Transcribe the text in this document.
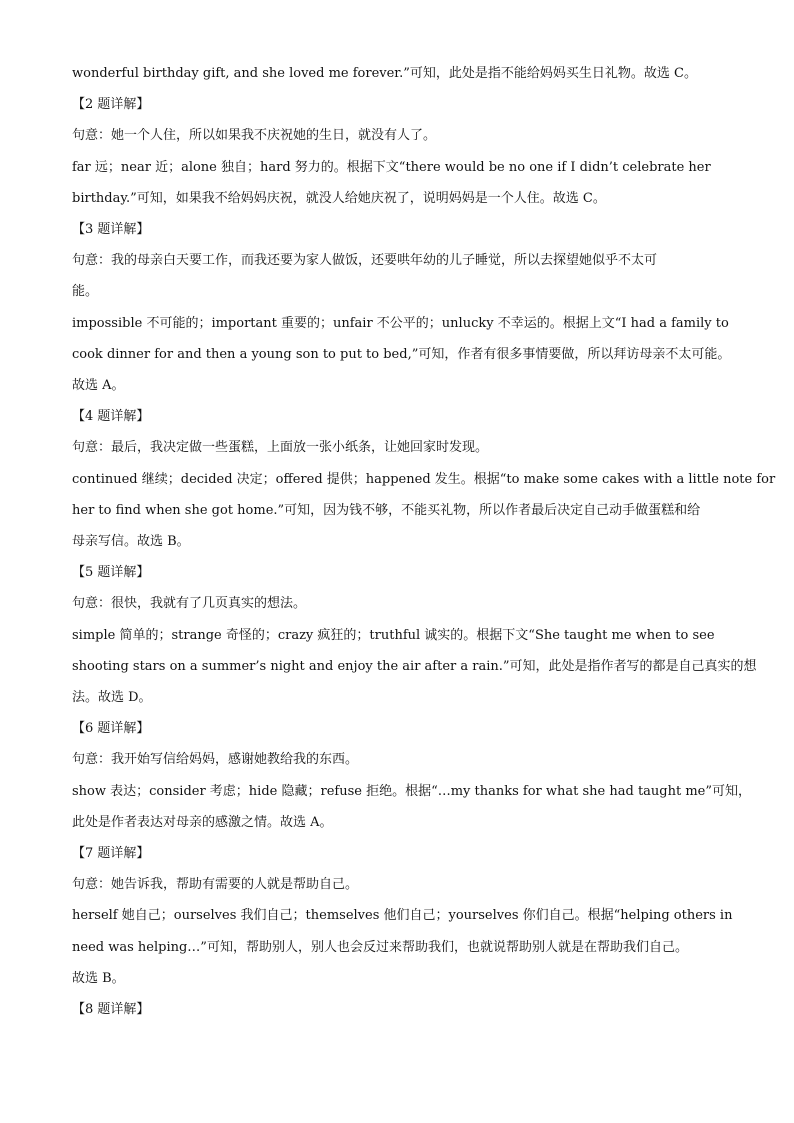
wonderful birthday gift, and she loved me forever.”可知，此处是指不能给妈妈买生日礼物。故选 C。
【2 题详解】
句意：她一个人住，所以如果我不庆祝她的生日，就没有人了。
far 远；near 近；alone 独自；hard 努力的。根据下文“there would be no one if I didn’t celebrate her
birthday.”可知，如果我不给妈妈庆祝，就没人给她庆祝了，说明妈妈是一个人住。故选 C。
【3 题详解】
句意：我的母亲白天要工作，而我还要为家人做饭，还要哄年幼的儿子睡觉，所以去探望她似乎不太可
能。
impossible 不可能的；important 重要的；unfair 不公平的；unlucky 不幸运的。根据上文“I had a family to
cook dinner for and then a young son to put to bed,”可知，作者有很多事情要做，所以拜访母亲不太可能。
故选 A。
【4 题详解】
句意：最后，我决定做一些蛋糕，上面放一张小纸条，让她回家时发现。
continued 继续；decided 决定；offered 提供；happened 发生。根据“to make some cakes with a little note for
her to find when she got home.”可知，因为钱不够，不能买礼物，所以作者最后决定自己动手做蛋糕和给
母亲写信。故选 B。
【5 题详解】
句意：很快，我就有了几页真实的想法。
simple 简单的；strange 奇怪的；crazy 疯狂的；truthful 诚实的。根据下文“She taught me when to see
shooting stars on a summer’s night and enjoy the air after a rain.”可知，此处是指作者写的都是自己真实的想
法。故选 D。
【6 题详解】
句意：我开始写信给妈妈，感谢她教给我的东西。
show 表达；consider 考虑；hide 隐藏；refuse 拒绝。根据“…my thanks for what she had taught me”可知，
此处是作者表达对母亲的感激之情。故选 A。
【7 题详解】
句意：她告诉我，帮助有需要的人就是帮助自己。
herself 她自己；ourselves 我们自己；themselves 他们自己；yourselves 你们自己。根据“helping others in
need was helping…”可知，帮助别人，别人也会反过来帮助我们，也就说帮助别人就是在帮助我们自己。
故选 B。
【8 题详解】
